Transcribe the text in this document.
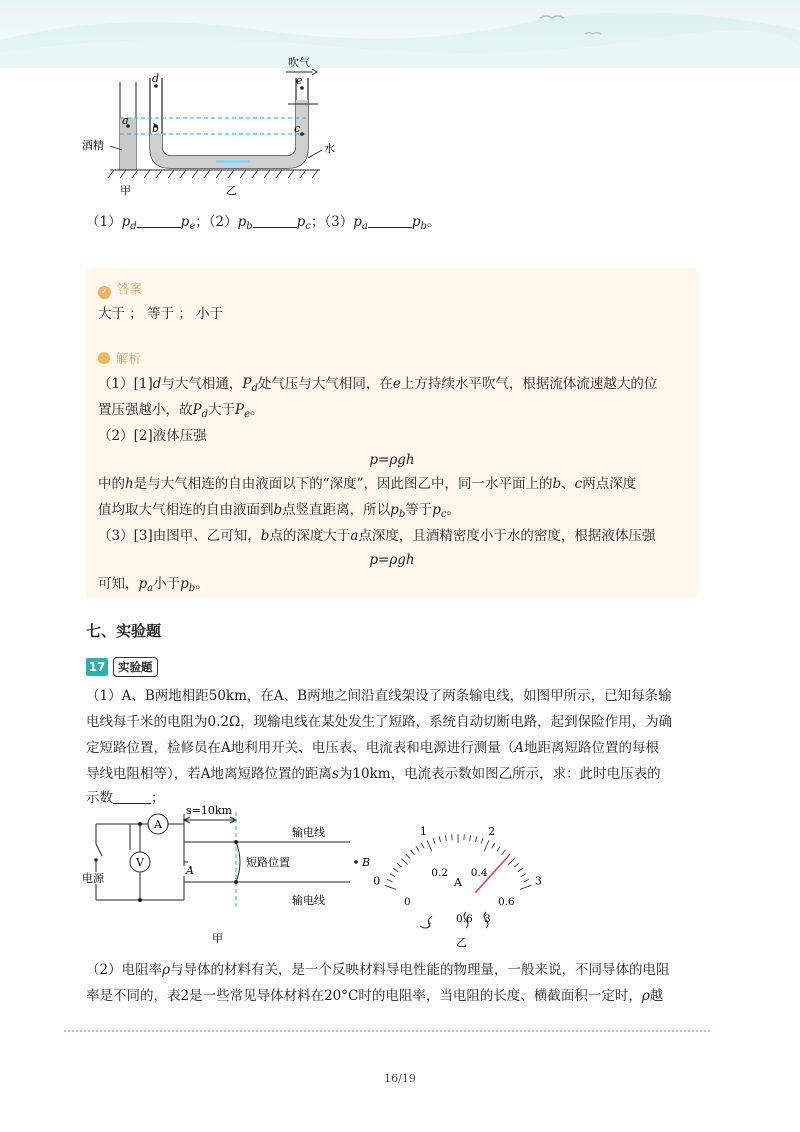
d
a
b
e
c
吹气
水
酒精
甲	乙
$(1)p_d$	$p_e$；$(2)p_b$	$p_c$；$(3)p_a$	$p_b$。
✓ 答案
大于 ； 等于 ； 小于
解析
（1）[1]d与大气相通，$P_d$处气压与大气相同，在e上方持续水平吹气，根据流体流速越大的位
置压强越小，故$P_d$大于$P_e$。
（2）[2]液体压强
p=ρgh
中的h是与大气相连的自由液面以下的“深度”，因此图乙中，同一水平面上的b、c两点深度
值均取大气相连的自由液面到b点竖直距离，所以$p_b$等于$p_c$。
（3）[3]由图甲、乙可知，b点的深度大于a点深度，且酒精密度小于水的密度，根据液体压强
p=ρgh
可知，$p_a$小于$p_b$。
七、实验题
17	实验题
（1）A、B两地相距50km，在A、B两地之间沿直线架设了两条输电线，如图甲所示，已知每条输
电线每千米的电阻为0.2Ω，现输电线在某处发生了短路，系统自动切断电路，起到保险作用，为确
定短路位置，检修员在A地利用开关、电压表、电流表和电源进行测量（A地距离短路位置的每根
导线电阻相等），若A地离短路位置的距离s为10km，电流表示数如图乙所示，求：此时电压表的
示数	；
s=10km
A
V
电源
A
短路位置
输电线
输电线
B
甲
0
1	2
3
0
0.2 0.4
0.6
A
- 0.6 3
乙
（2）电阻率ρ与导体的材料有关，是一个反映材料导电性能的物理量，一般来说，不同导体的电阻
率是不同的，表2是一些常见导体材料在20°C时的电阻率，当电阻的长度、横截面积一定时，ρ越
16/19
